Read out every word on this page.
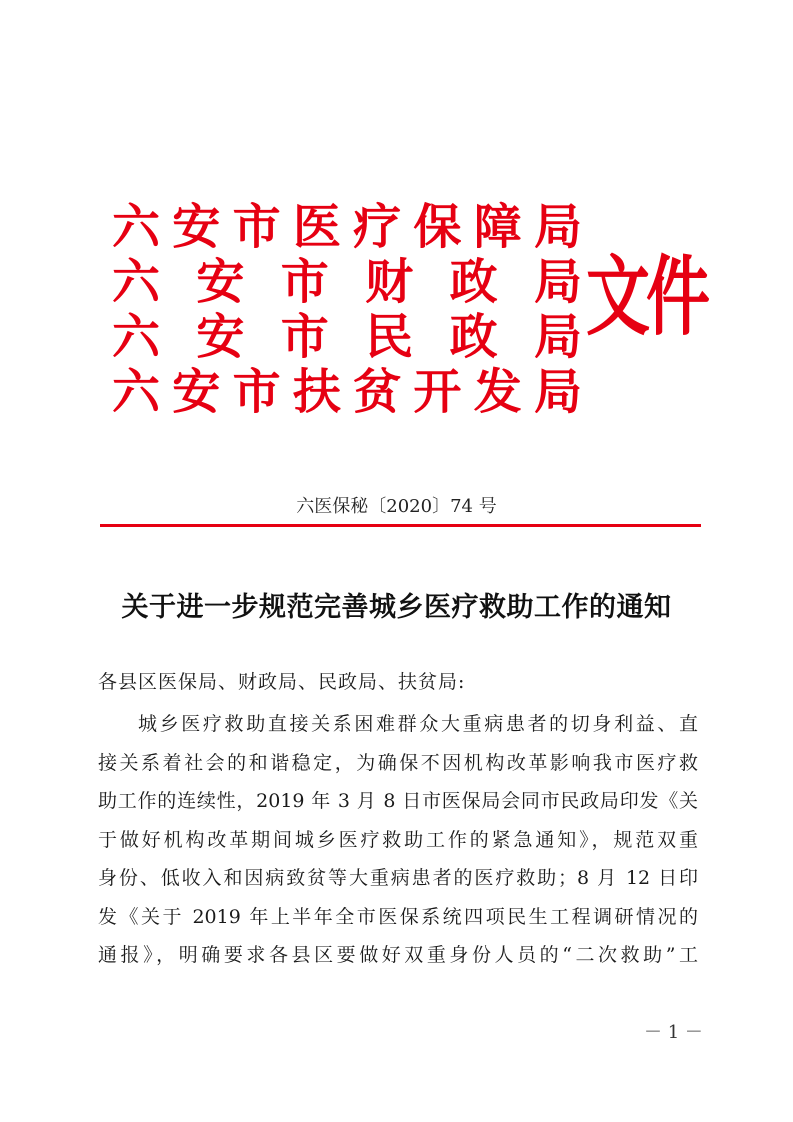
六 安 市 医 疗 保 障 局
六 安 市 财 政 局
六 安 市 民 政 局
六 安 市 扶 贫 开 发 局
文件
六医保秘〔2020〕74 号
关于进一步规范完善城乡医疗救助工作的通知
各县区医保局、财政局、民政局、扶贫局:
城乡医疗救助直接关系困难群众大重病患者的切身利益、直
接关系着社会的和谐稳定，为确保不因机构改革影响我市医疗救
助工作的连续性，2019 年 3 月 8 日市医保局会同市民政局印发《关
于做好机构改革期间城乡医疗救助工作的紧急通知》，规范双重
身份、低收入和因病致贫等大重病患者的医疗救助；8 月 12 日印
发《关于 2019 年上半年全市医保系统四项民生工程调研情况的
通报》，明确要求各县区要做好双重身份人员的“二次救助”工
－ 1 －
